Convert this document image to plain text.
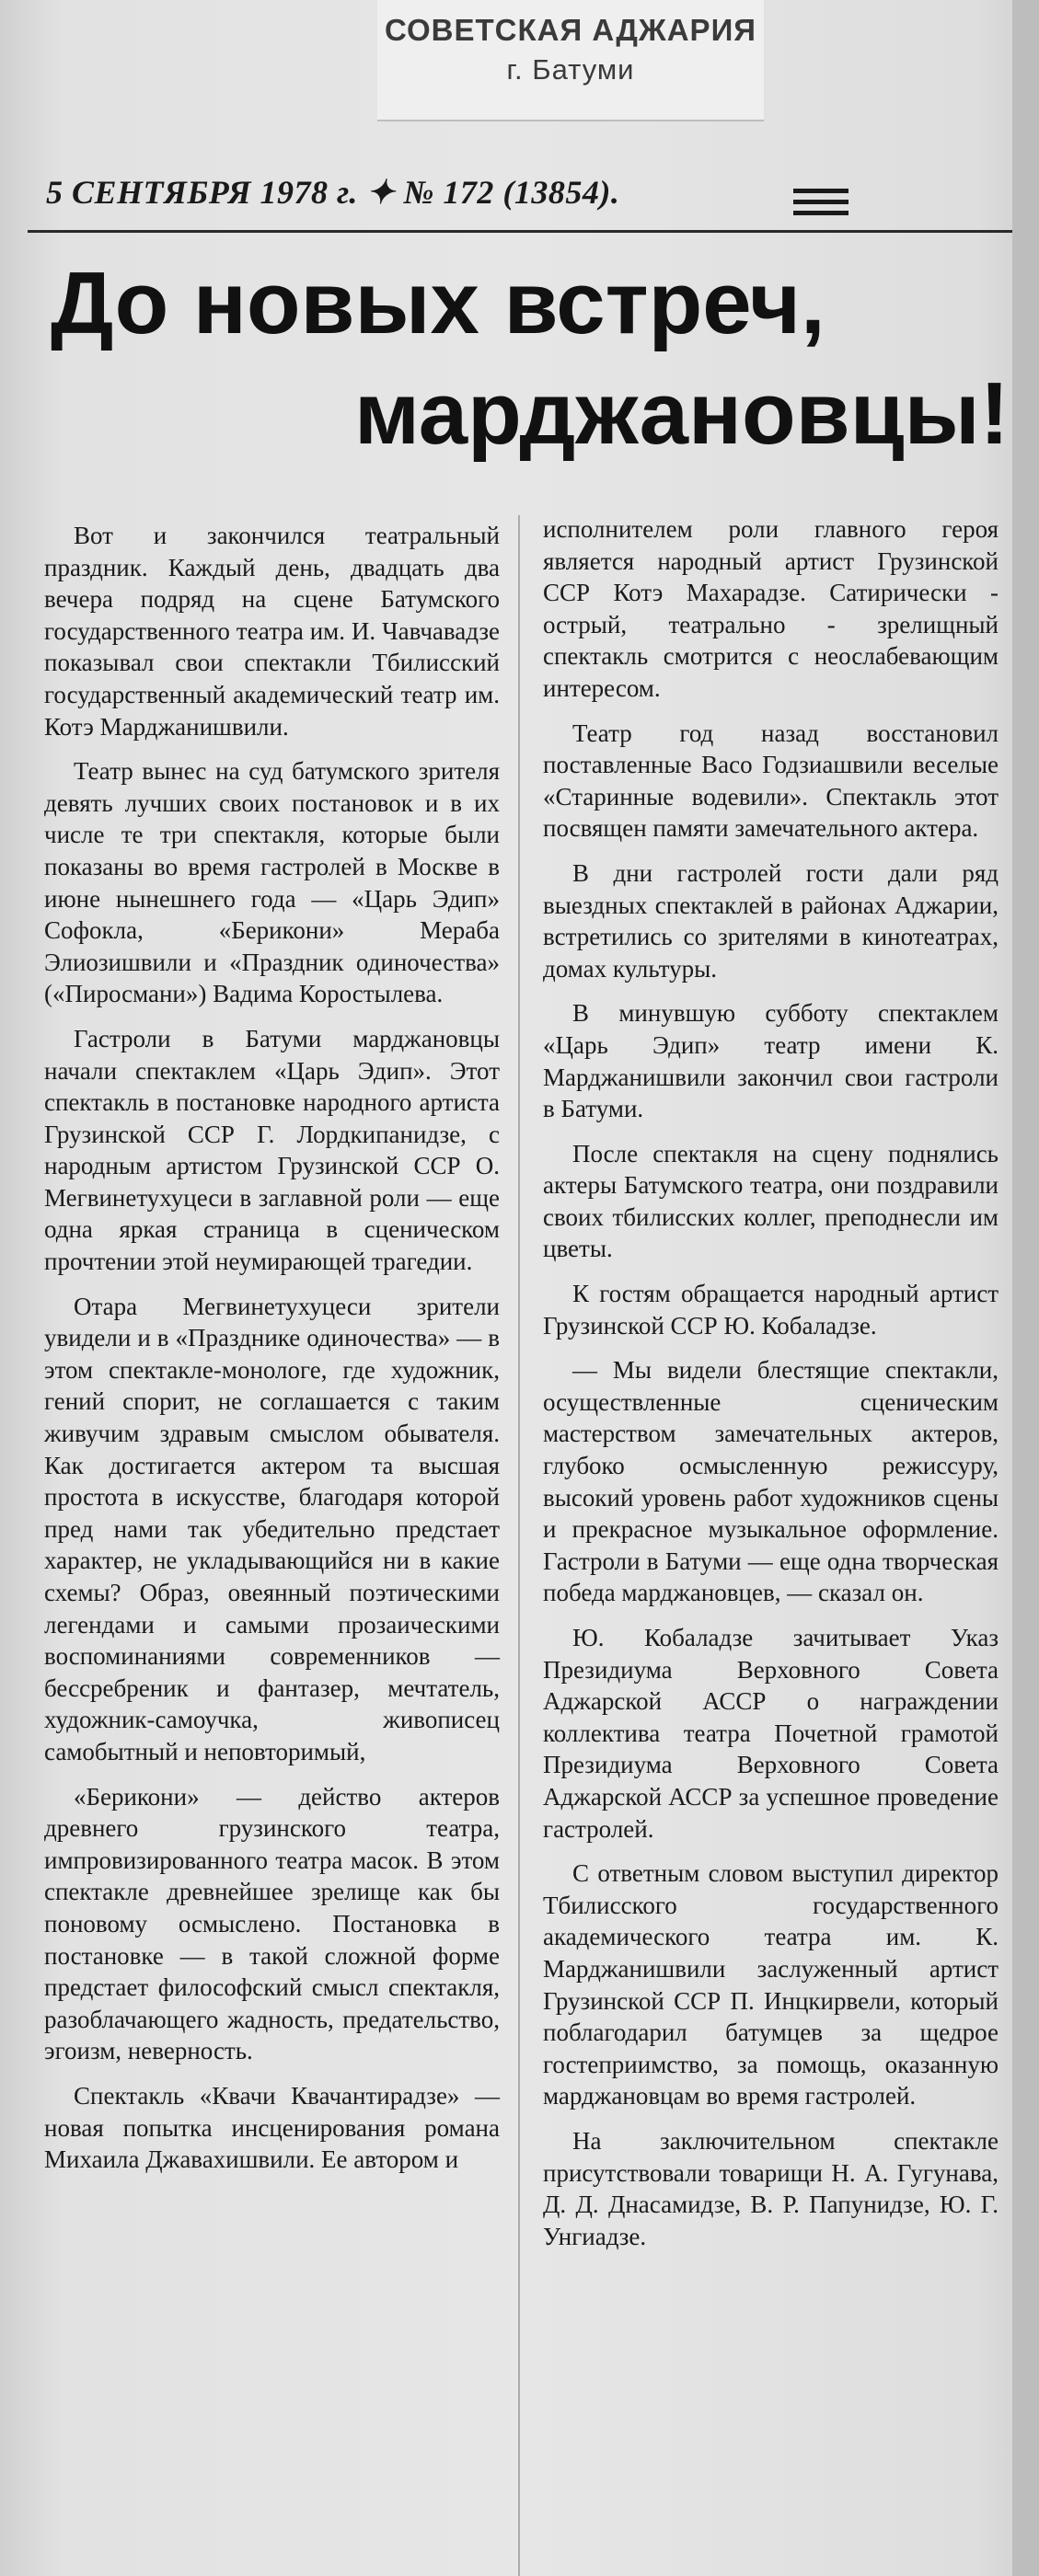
СОВЕТСКАЯ АДЖАРИЯ
г. Батуми
5 СЕНТЯБРЯ 1978 г. ✦ № 172 (13854).
До новых встреч,
марджановцы!

Вот и закончился театральный праздник. Каждый день, двадцать два вечера подряд на сцене Батумского государственного театра им. И. Чавчавадзе показывал свои спектакли Тбилисский государственный академический театр им. Котэ Марджанишвили.

Театр вынес на суд батумского зрителя девять лучших своих постановок и в их числе те три спектакля, которые были показаны во время гастролей в Москве в июне нынешнего года — «Царь Эдип» Софокла, «Берикони» Мераба Элиозишвили и «Праздник одиночества» («Пиросмани») Вадима Коростылева.

Гастроли в Батуми марджановцы начали спектаклем «Царь Эдип». Этот спектакль в постановке народного артиста Грузинской ССР Г. Лордкипанидзе, с народным артистом Грузинской ССР О. Мегвинетухуцеси в заглавной роли — еще одна яркая страница в сценическом прочтении этой неумирающей трагедии.

Отара Мегвинетухуцеси зрители увидели и в «Празднике одиночества» — в этом спектакле-монологе, где художник, гений спорит, не соглашается с таким живучим здравым смыслом обывателя. Как достигается актером та высшая простота в искусстве, благодаря которой пред нами так убедительно предстает характер, не укладывающийся ни в какие схемы? Образ, овеянный поэтическими легендами и самыми прозаическими воспоминаниями современников — бессребреник и фантазер, мечтатель, художник-самоучка, живописец самобытный и неповторимый,

«Берикони» — действо актеров древнего грузинского театра, импровизированного театра масок. В этом спектакле древнейшее зрелище как бы поновому осмыслено. Постановка в постановке — в такой сложной форме предстает философский смысл спектакля, разоблачающего жадность, предательство, эгоизм, неверность.

Спектакль «Квачи Квачантирадзе» — новая попытка инсценирования романа Михаила Джавахишвили. Ее автором и

исполнителем роли главного героя является народный артист Грузинской ССР Котэ Махарадзе. Сатирически - острый, театрально - зрелищный спектакль смотрится с неослабевающим интересом.

Театр год назад восстановил поставленные Васо Годзиашвили веселые «Старинные водевили». Спектакль этот посвящен памяти замечательного актера.

В дни гастролей гости дали ряд выездных спектаклей в районах Аджарии, встретились со зрителями в кинотеатрах, домах культуры.

В минувшую субботу спектаклем «Царь Эдип» театр имени К. Марджанишвили закончил свои гастроли в Батуми.

После спектакля на сцену поднялись актеры Батумского театра, они поздравили своих тбилисских коллег, преподнесли им цветы.

К гостям обращается народный артист Грузинской ССР Ю. Кобаладзе.

— Мы видели блестящие спектакли, осуществленные сценическим мастерством замечательных актеров, глубоко осмысленную режиссуру, высокий уровень работ художников сцены и прекрасное музыкальное оформление. Гастроли в Батуми — еще одна творческая победа марджановцев, — сказал он.

Ю. Кобаладзе зачитывает Указ Президиума Верховного Совета Аджарской АССР о награждении коллектива театра Почетной грамотой Президиума Верховного Совета Аджарской АССР за успешное проведение гастролей.

С ответным словом выступил директор Тбилисского государственного академического театра им. К. Марджанишвили заслуженный артист Грузинской ССР П. Инцкирвели, который поблагодарил батумцев за щедрое гостеприимство, за помощь, оказанную марджановцам во время гастролей.

На заключительном спектакле присутствовали товарищи Н. А. Гугунава, Д. Д. Днасамидзе, В. Р. Папунидзе, Ю. Г. Унгиадзе.
